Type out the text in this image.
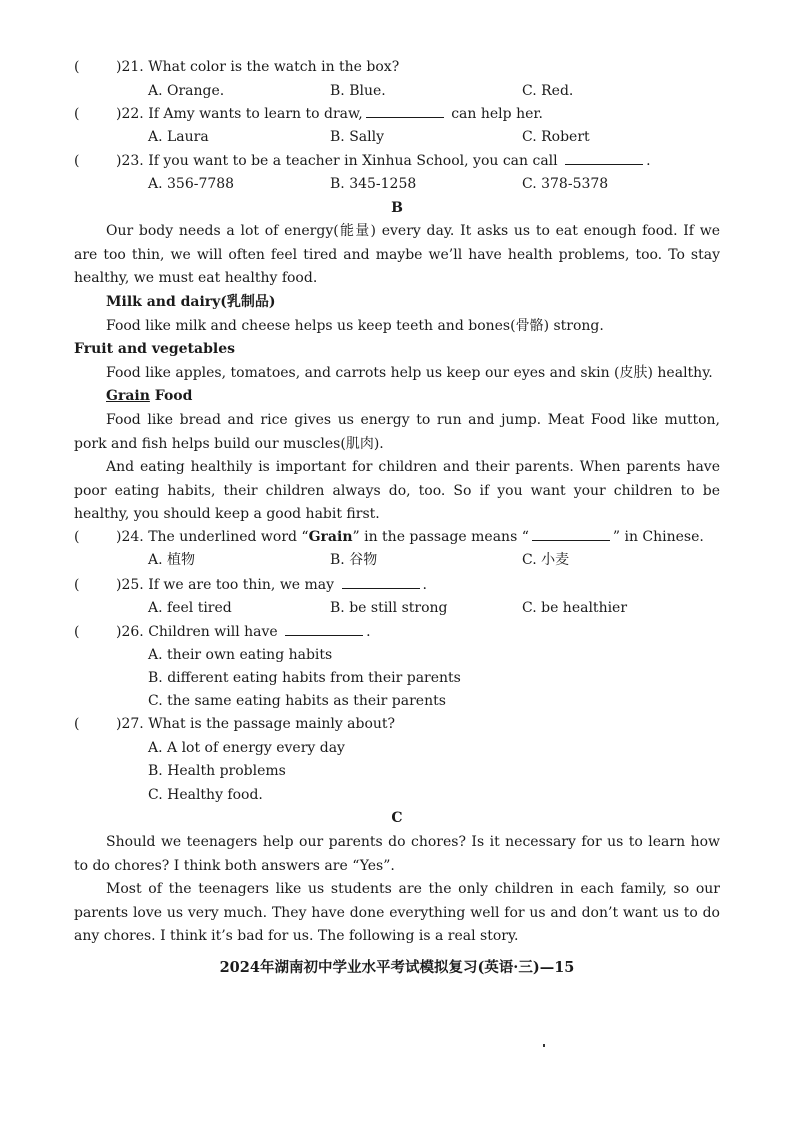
(	)21. What color is the watch in the box?
A. Orange.	B. Blue.	C. Red.
(	)22. If Amy wants to learn to draw,	can help her.
A. Laura	B. Sally	C. Robert
(	)23. If you want to be a teacher in Xinhua School, you can call	.
A. 356-7788	B. 345-1258	C. 378-5378
B
Our body needs a lot of energy(能量) every day. It asks us to eat enough food. If we are too thin, we will often feel tired and maybe we’ll have health problems, too. To stay healthy, we must eat healthy food.
Milk and dairy(乳制品)
Food like milk and cheese helps us keep teeth and bones(骨骼) strong.
Fruit and vegetables
Food like apples, tomatoes, and carrots help us keep our eyes and skin (皮肤) healthy.
Grain Food
Food like bread and rice gives us energy to run and jump. Meat Food like mutton, pork and fish helps build our muscles(肌肉).
And eating healthily is important for children and their parents. When parents have poor eating habits, their children always do, too. So if you want your children to be healthy, you should keep a good habit first.
(	)24. The underlined word “Grain” in the passage means “	” in Chinese.
A. 植物	B. 谷物	C. 小麦
(	)25. If we are too thin, we may	.
A. feel tired	B. be still strong	C. be healthier
(	)26. Children will have	.
A. their own eating habits
B. different eating habits from their parents
C. the same eating habits as their parents
(	)27. What is the passage mainly about?
A. A lot of energy every day
B. Health problems
C. Healthy food.
C
Should we teenagers help our parents do chores? Is it necessary for us to learn how to do chores? I think both answers are “Yes”.
Most of the teenagers like us students are the only children in each family, so our parents love us very much. They have done everything well for us and don’t want us to do any chores. I think it’s bad for us. The following is a real story.
2024年湖南初中学业水平考试模拟复习(英语·三)—15
